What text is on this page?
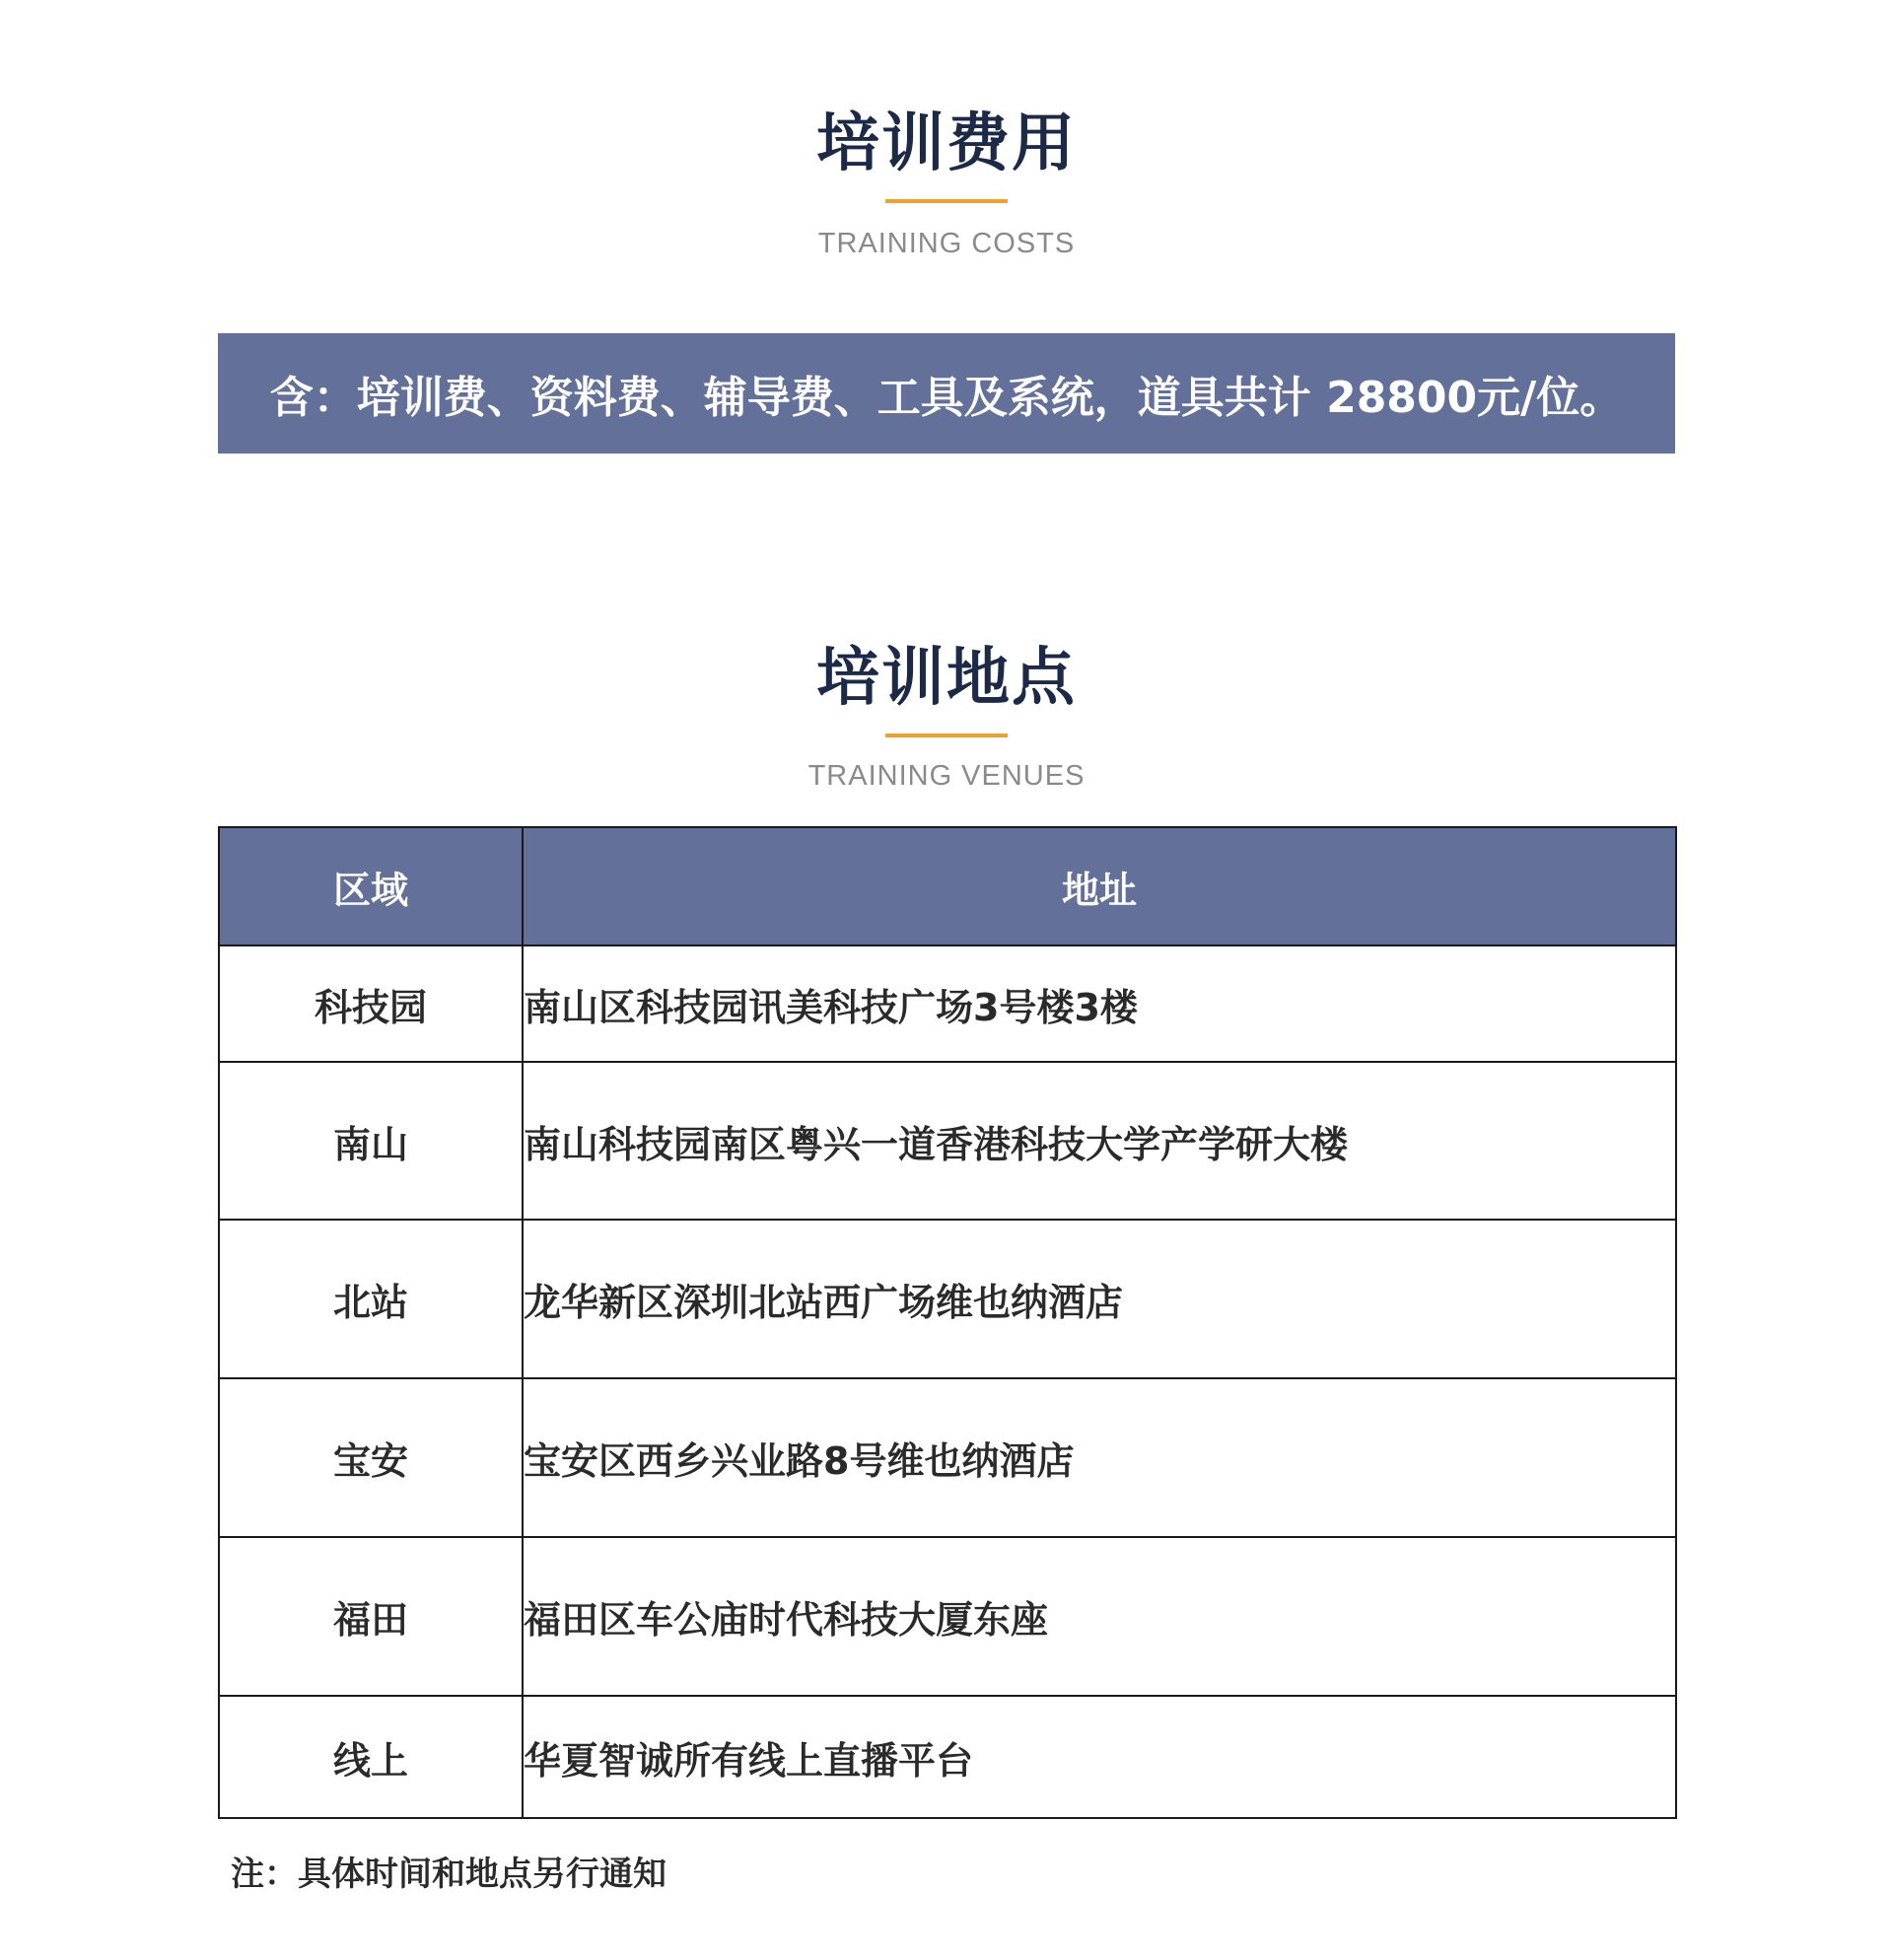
培训费用
TRAINING COSTS
含：培训费、资料费、辅导费、工具及系统，道具共计 28800元/位。
培训地点
TRAINING VENUES
区域	地址
科技园	南山区科技园讯美科技广场3号楼3楼
南山	南山科技园南区粤兴一道香港科技大学产学研大楼
北站	龙华新区深圳北站西广场维也纳酒店
宝安	宝安区西乡兴业路8号维也纳酒店
福田	福田区车公庙时代科技大厦东座
线上	华夏智诚所有线上直播平台
注：具体时间和地点另行通知
